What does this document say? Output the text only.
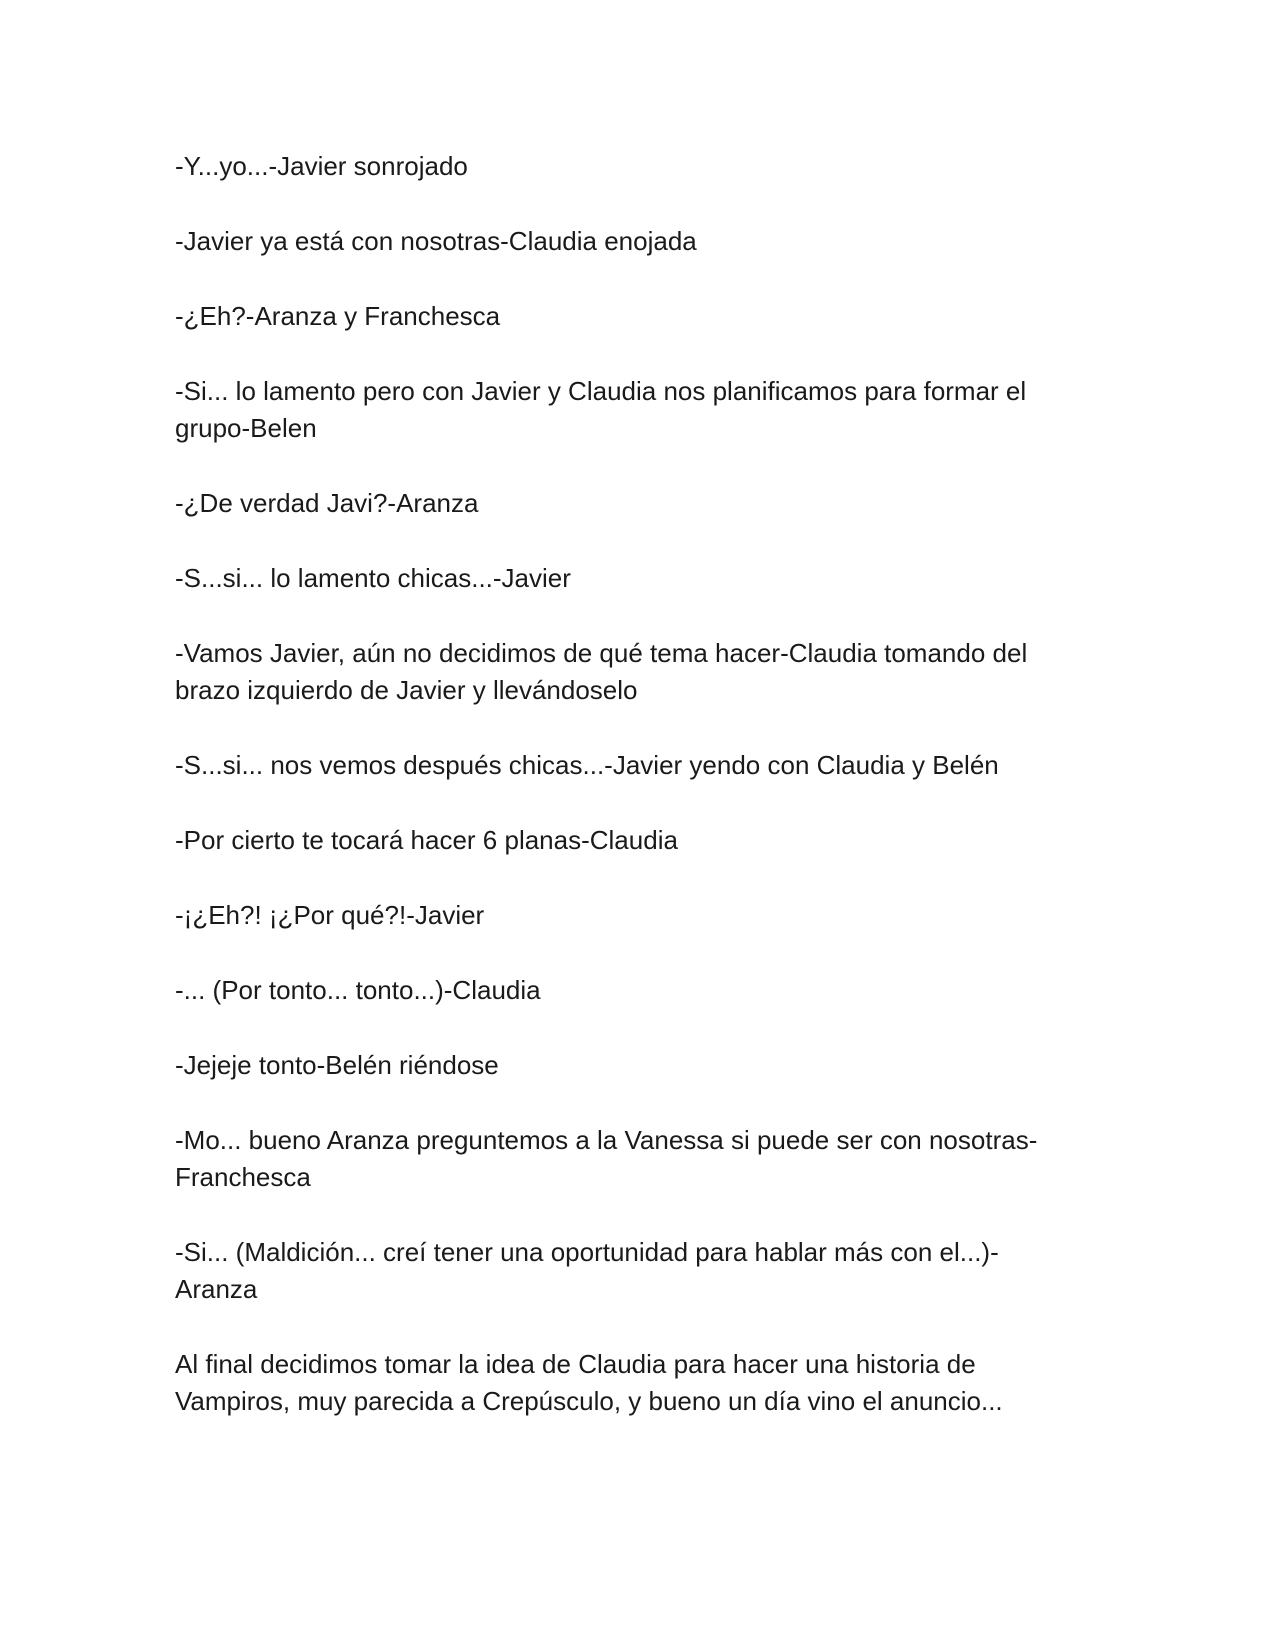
-Y...yo...-Javier sonrojado

-Javier ya está con nosotras-Claudia enojada

-¿Eh?-Aranza y Franchesca

-Si... lo lamento pero con Javier y Claudia nos planificamos para formar el grupo-Belen

-¿De verdad Javi?-Aranza

-S...si... lo lamento chicas...-Javier

-Vamos Javier, aún no decidimos de qué tema hacer-Claudia tomando del brazo izquierdo de Javier y llevándoselo

-S...si... nos vemos después chicas...-Javier yendo con Claudia y Belén

-Por cierto te tocará hacer 6 planas-Claudia

-¡¿Eh?! ¡¿Por qué?!-Javier

-... (Por tonto... tonto...)-Claudia

-Jejeje tonto-Belén riéndose

-Mo... bueno Aranza preguntemos a la Vanessa si puede ser con nosotras-Franchesca

-Si... (Maldición... creí tener una oportunidad para hablar más con el...)-Aranza

Al final decidimos tomar la idea de Claudia para hacer una historia de Vampiros, muy parecida a Crepúsculo, y bueno un día vino el anuncio...
